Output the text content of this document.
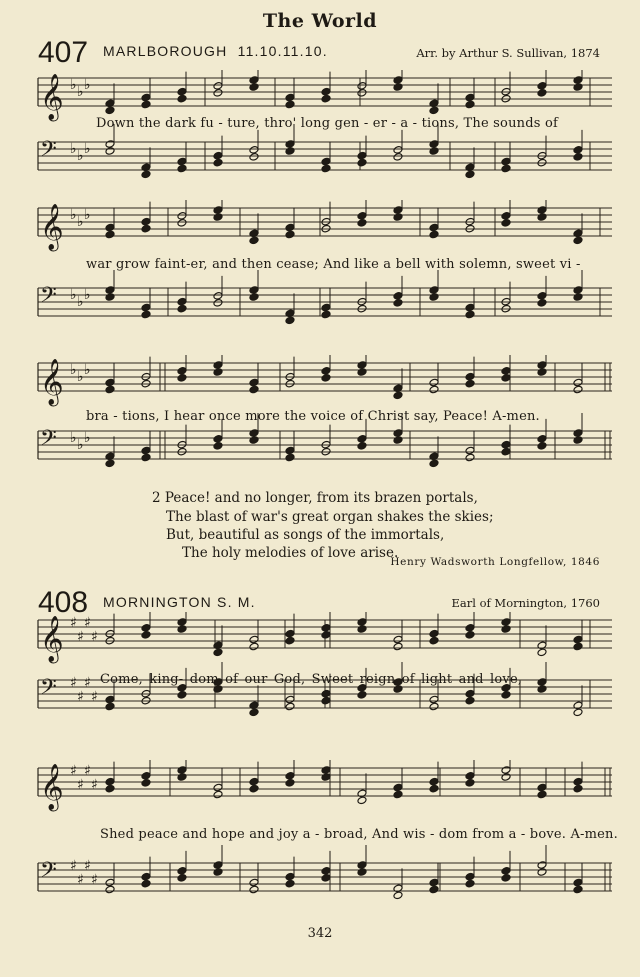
The World
407 MARLBOROUGH 11.10.11.10.	Arr. by Arthur S. Sullivan, 1874
𝄞 ♭ ♭ ♭
𝄢 ♭ ♭ ♭
Down the dark fu - ture, thro' long gen - er - a - tions, The sounds of
𝄞 ♭ ♭ ♭
𝄢 ♭ ♭ ♭
war grow faint-er, and then cease; And like a bell with solemn, sweet vi -
𝄞 ♭ ♭ ♭
𝄢 ♭ ♭ ♭
bra - tions, I hear once more the voice of Christ say, Peace! A-men.
2 Peace! and no longer, from its brazen portals,
The blast of war's great organ shakes the skies;
But, beautiful as songs of the immortals,
The holy melodies of love arise.
Henry Wadsworth Longfellow, 1846
408 MORNINGTON S. M.	Earl of Mornington, 1760
𝄞 ♯
♯
♯
♯
𝄢 ♯
♯
♯
♯
Come, king- dom of our God, Sweet reign of light and love,
𝄞 ♯
♯
♯
♯
𝄢 ♯
♯
♯
♯
Shed peace and hope and joy a - broad, And wis - dom from a - bove. A-men.
342
